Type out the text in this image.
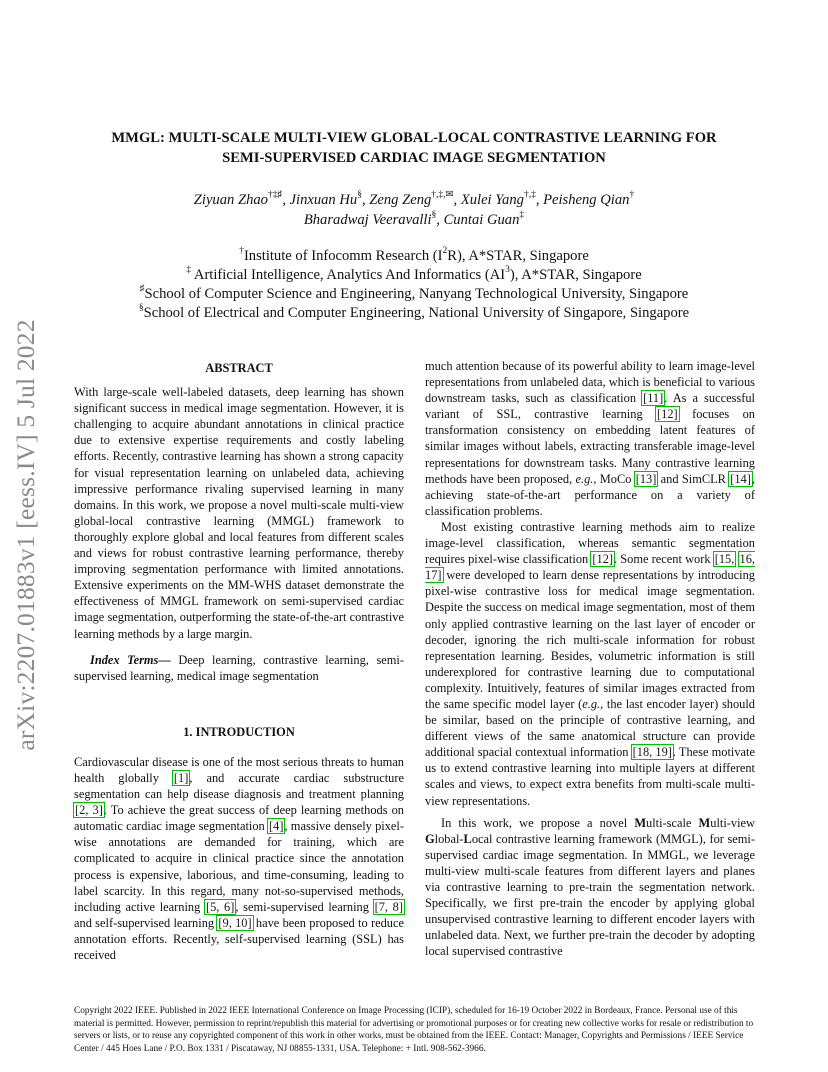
arXiv:2207.01883v1 [eess.IV] 5 Jul 2022
MMGL: MULTI-SCALE MULTI-VIEW GLOBAL-LOCAL CONTRASTIVE LEARNING FOR
SEMI-SUPERVISED CARDIAC IMAGE SEGMENTATION
Ziyuan Zhao†‡♯, Jinxuan Hu§, Zeng Zeng†,‡,✉, Xulei Yang†,‡, Peisheng Qian†
Bharadwaj Veeravalli§, Cuntai Guan‡
†Institute of Infocomm Research $(I^2R)$, A*STAR, Singapore
‡ Artificial Intelligence, Analytics And Informatics $(AI^3)$, A*STAR, Singapore
♯School of Computer Science and Engineering, Nanyang Technological University, Singapore
§School of Electrical and Computer Engineering, National University of Singapore, Singapore
ABSTRACT

With large-scale well-labeled datasets, deep learning has shown significant success in medical image segmentation. However, it is challenging to acquire abundant annotations in clinical practice due to extensive expertise requirements and costly labeling efforts. Recently, contrastive learning has shown a strong capacity for visual representation learning on unlabeled data, achieving impressive performance rivaling supervised learning in many domains. In this work, we propose a novel multi-scale multi-view global-local contrastive learning (MMGL) framework to thoroughly explore global and local features from different scales and views for robust contrastive learning performance, thereby improving segmentation performance with limited annotations. Extensive experiments on the MM-WHS dataset demonstrate the effectiveness of MMGL framework on semi-supervised cardiac image segmentation, outperforming the state-of-the-art contrastive learning methods by a large margin.

Index Terms— Deep learning, contrastive learning, semi-supervised learning, medical image segmentation

1. INTRODUCTION

Cardiovascular disease is one of the most serious threats to human health globally [1], and accurate cardiac substructure segmentation can help disease diagnosis and treatment planning [2, 3]. To achieve the great success of deep learning methods on automatic cardiac image segmentation [4], massive densely pixel-wise annotations are demanded for training, which are complicated to acquire in clinical practice since the annotation process is expensive, laborious, and time-consuming, leading to label scarcity. In this regard, many not-so-supervised methods, including active learning [5, 6], semi-supervised learning [7, 8] and self-supervised learning [9, 10] have been proposed to reduce annotation efforts. Recently, self-supervised learning (SSL) has received

much attention because of its powerful ability to learn image-level representations from unlabeled data, which is beneficial to various downstream tasks, such as classification [11]. As a successful variant of SSL, contrastive learning [12] focuses on transformation consistency on embedding latent features of similar images without labels, extracting transferable image-level representations for downstream tasks. Many contrastive learning methods have been proposed, e.g., MoCo [13] and SimCLR [14], achieving state-of-the-art performance on a variety of classification problems.

Most existing contrastive learning methods aim to realize image-level classification, whereas semantic segmentation requires pixel-wise classification [12]. Some recent work [15, 16, 17] were developed to learn dense representations by introducing pixel-wise contrastive loss for medical image segmentation. Despite the success on medical image segmentation, most of them only applied contrastive learning on the last layer of encoder or decoder, ignoring the rich multi-scale information for robust representation learning. Besides, volumetric information is still underexplored for contrastive learning due to computational complexity. Intuitively, features of similar images extracted from the same specific model layer (e.g., the last encoder layer) should be similar, based on the principle of contrastive learning, and different views of the same anatomical structure can provide additional spacial contextual information [18, 19]. These motivate us to extend contrastive learning into multiple layers at different scales and views, to expect extra benefits from multi-scale multi-view representations.

In this work, we propose a novel Multi-scale Multi-view Global-Local contrastive learning framework (MMGL), for semi-supervised cardiac image segmentation. In MMGL, we leverage multi-view multi-scale features from different layers and planes via contrastive learning to pre-train the segmentation network. Specifically, we first pre-train the encoder by applying global unsupervised contrastive learning to different encoder layers with unlabeled data. Next, we further pre-train the decoder by adopting local supervised contrastive

Copyright 2022 IEEE. Published in 2022 IEEE International Conference on Image Processing (ICIP), scheduled for 16-19 October 2022 in Bordeaux, France. Personal use of this material is permitted. However, permission to reprint/republish this material for advertising or promotional purposes or for creating new collective works for resale or redistribution to servers or lists, or to reuse any copyrighted component of this work in other works, must be obtained from the IEEE. Contact: Manager, Copyrights and Permissions / IEEE Service Center / 445 Hoes Lane / P.O. Box 1331 / Piscataway, NJ 08855-1331, USA. Telephone: + Intl. 908-562-3966.
